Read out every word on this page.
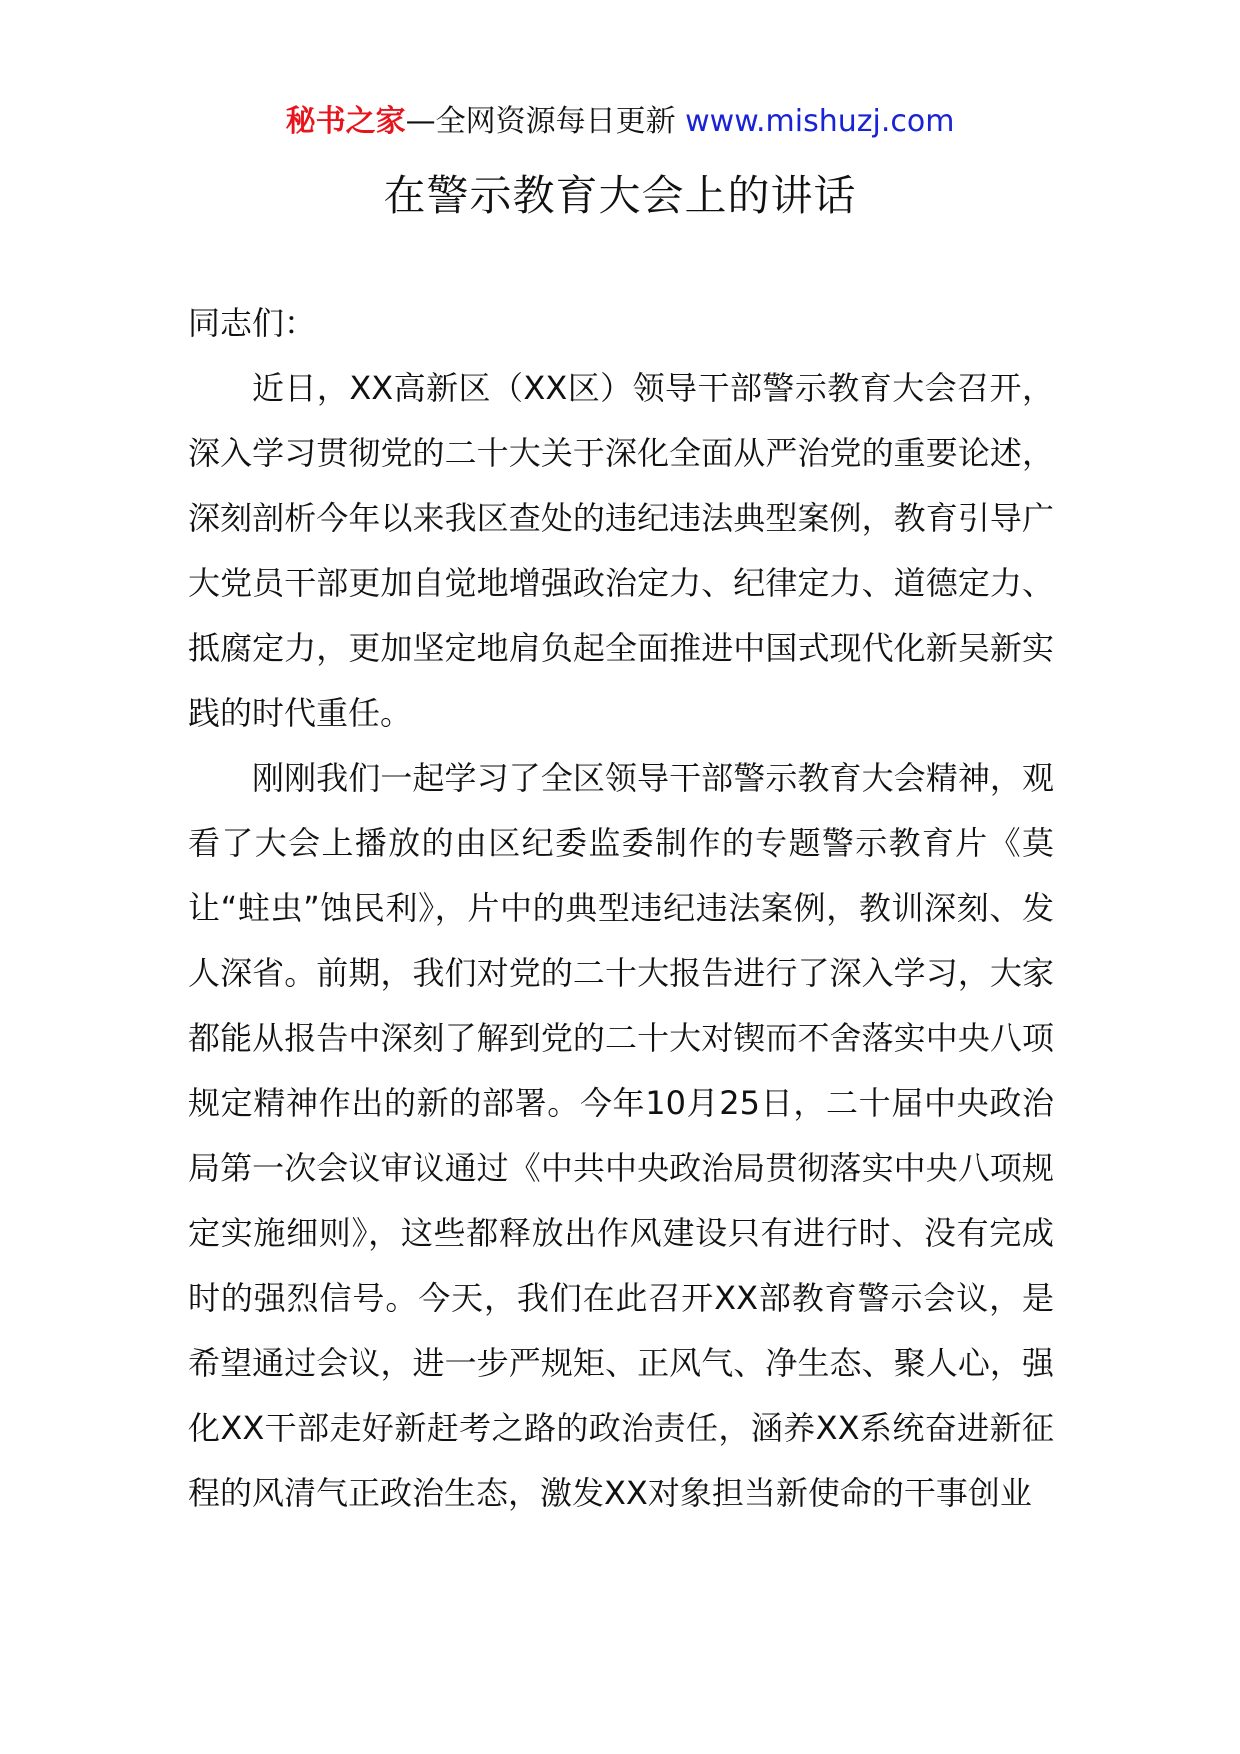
秘书之家—全网资源每日更新 www.mishuzj.com
在警示教育大会上的讲话

同志们：

近日，XX高新区（XX区）领导干部警示教育大会召开，深入学习贯彻党的二十大关于深化全面从严治党的重要论述，深刻剖析今年以来我区查处的违纪违法典型案例，教育引导广大党员干部更加自觉地增强政治定力、纪律定力、道德定力、抵腐定力，更加坚定地肩负起全面推进中国式现代化新吴新实践的时代重任。

刚刚我们一起学习了全区领导干部警示教育大会精神，观看了大会上播放的由区纪委监委制作的专题警示教育片《莫让“蛀虫”蚀民利》，片中的典型违纪违法案例，教训深刻、发人深省。前期，我们对党的二十大报告进行了深入学习，大家都能从报告中深刻了解到党的二十大对锲而不舍落实中央八项规定精神作出的新的部署。今年10月25日，二十届中央政治局第一次会议审议通过《中共中央政治局贯彻落实中央八项规定实施细则》，这些都释放出作风建设只有进行时、没有完成时的强烈信号。今天，我们在此召开XX部教育警示会议，是希望通过会议，进一步严规矩、正风气、净生态、聚人心，强化XX干部走好新赶考之路的政治责任，涵养XX系统奋进新征程的风清气正政治生态，激发XX对象担当新使命的干事创业
